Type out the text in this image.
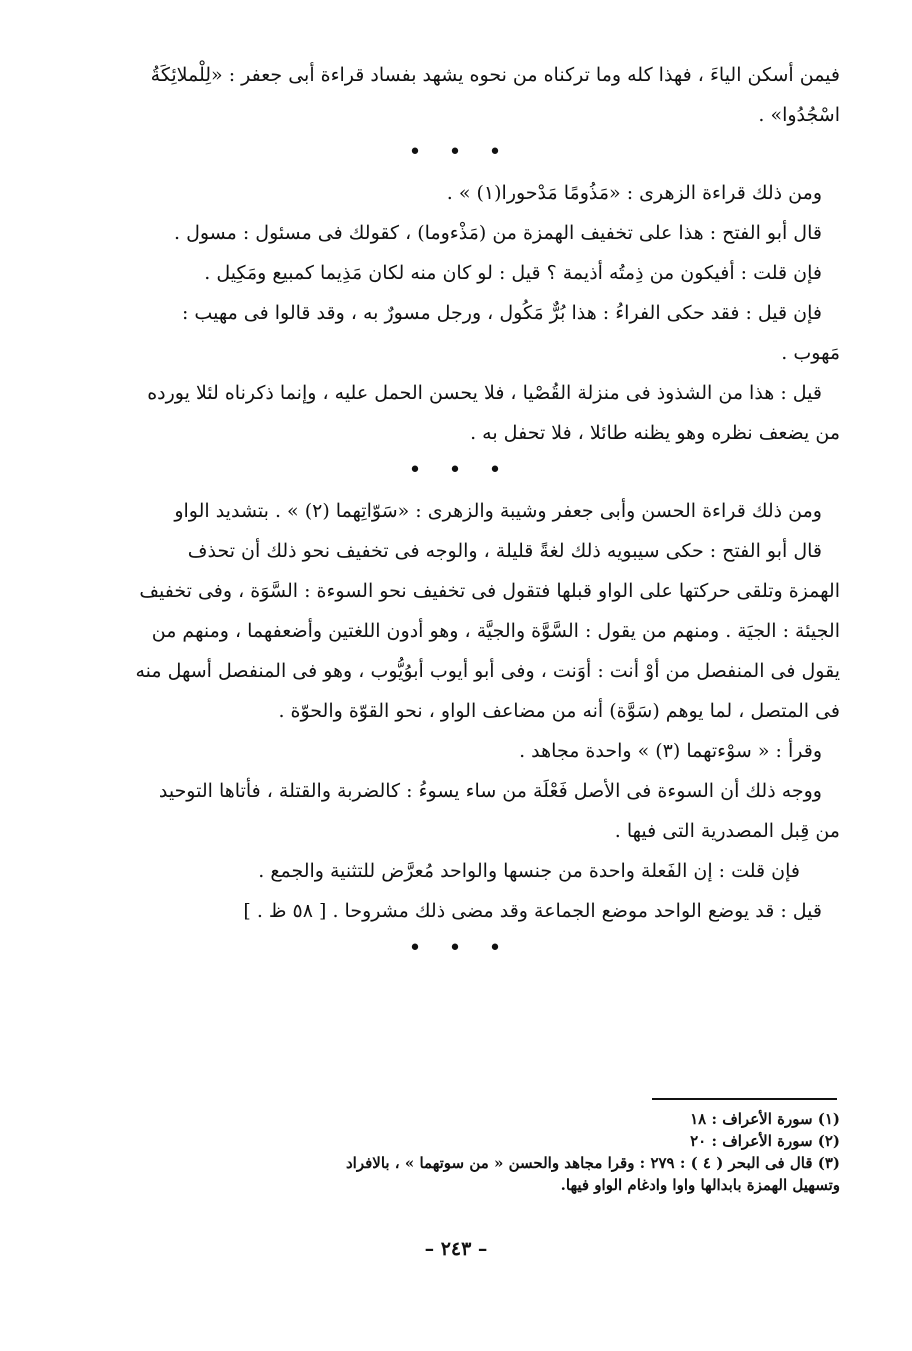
فيمن أسكن الياءَ ، فهذا كله وما تركناه من نحوه يشهد بفساد قراءة أبى جعفر : «لِلْملائِكَةُ
اسْجُدُوا» .
• • •
ومن ذلك قراءة الزهرى : «مَذُومًا مَدْحورا(١) » .
قال أبو الفتح : هذا على تخفيف الهمزة من (مَذْءوما) ، كقولك فى مسئول : مسول .
فإن قلت : أفيكون من ذِمتُه أذيمة ؟ قيل : لو كان منه لكان مَذِيما كمبيع ومَكِيل .
فإن قيل : فقد حكى الفراءُ : هذا بُرٌّ مَكُول ، ورجل مسورٌ به ، وقد قالوا فى مهيب :
مَهوب .
قيل : هذا من الشذوذ فى منزلة القُصْيا ، فلا يحسن الحمل عليه ، وإنما ذكرناه لئلا يورده
من يضعف نظره وهو يظنه طائلا ، فلا تحفل به .
• • •
ومن ذلك قراءة الحسن وأبى جعفر وشيبة والزهرى : «سَوّاتِهما (٢) » . بتشديد الواو
قال أبو الفتح : حكى سيبويه ذلك لغةً قليلة ، والوجه فى تخفيف نحو ذلك أن تحذف
الهمزة وتلقى حركتها على الواو قبلها فتقول فى تخفيف نحو السوءة : السَّوَة ، وفى تخفيف
الجيئة : الجيَة . ومنهم من يقول : السَّوَّة والجيَّة ، وهو أدون اللغتين وأضعفهما ، ومنهم من
يقول فى المنفصل من أوْ أنت : أوَنت ، وفى أبو أيوب أبوُيُّوب ، وهو فى المنفصل أسهل منه
فى المتصل ، لما يوهم (سَوَّة) أنه من مضاعف الواو ، نحو القوّة والحوّة .
وقرأ : « سوْءتهما (٣) » واحدة مجاهد .
ووجه ذلك أن السوءة فى الأصل فَعْلَة من ساء يسوءُ : كالضربة والقتلة ، فأتاها التوحيد
من قِبل المصدرية التى فيها .
فإن قلت : إن الفَعلة واحدة من جنسها والواحد مُعرَّض للتثنية والجمع .
قيل : قد يوضع الواحد موضع الجماعة وقد مضى ذلك مشروحا . [ ٥٨ ظ . ]
• • •
(١) سورة الأعراف : ١٨
(٢) سورة الأعراف : ٢٠
(٣) قال فى البحر ( ٤ ) : ٢٧٩ : وقرا مجاهد والحسن « من سوتهما » ، بالافراد
وتسهيل الهمزة بابدالها واوا وادغام الواو فيها.
– ٢٤٣ –
